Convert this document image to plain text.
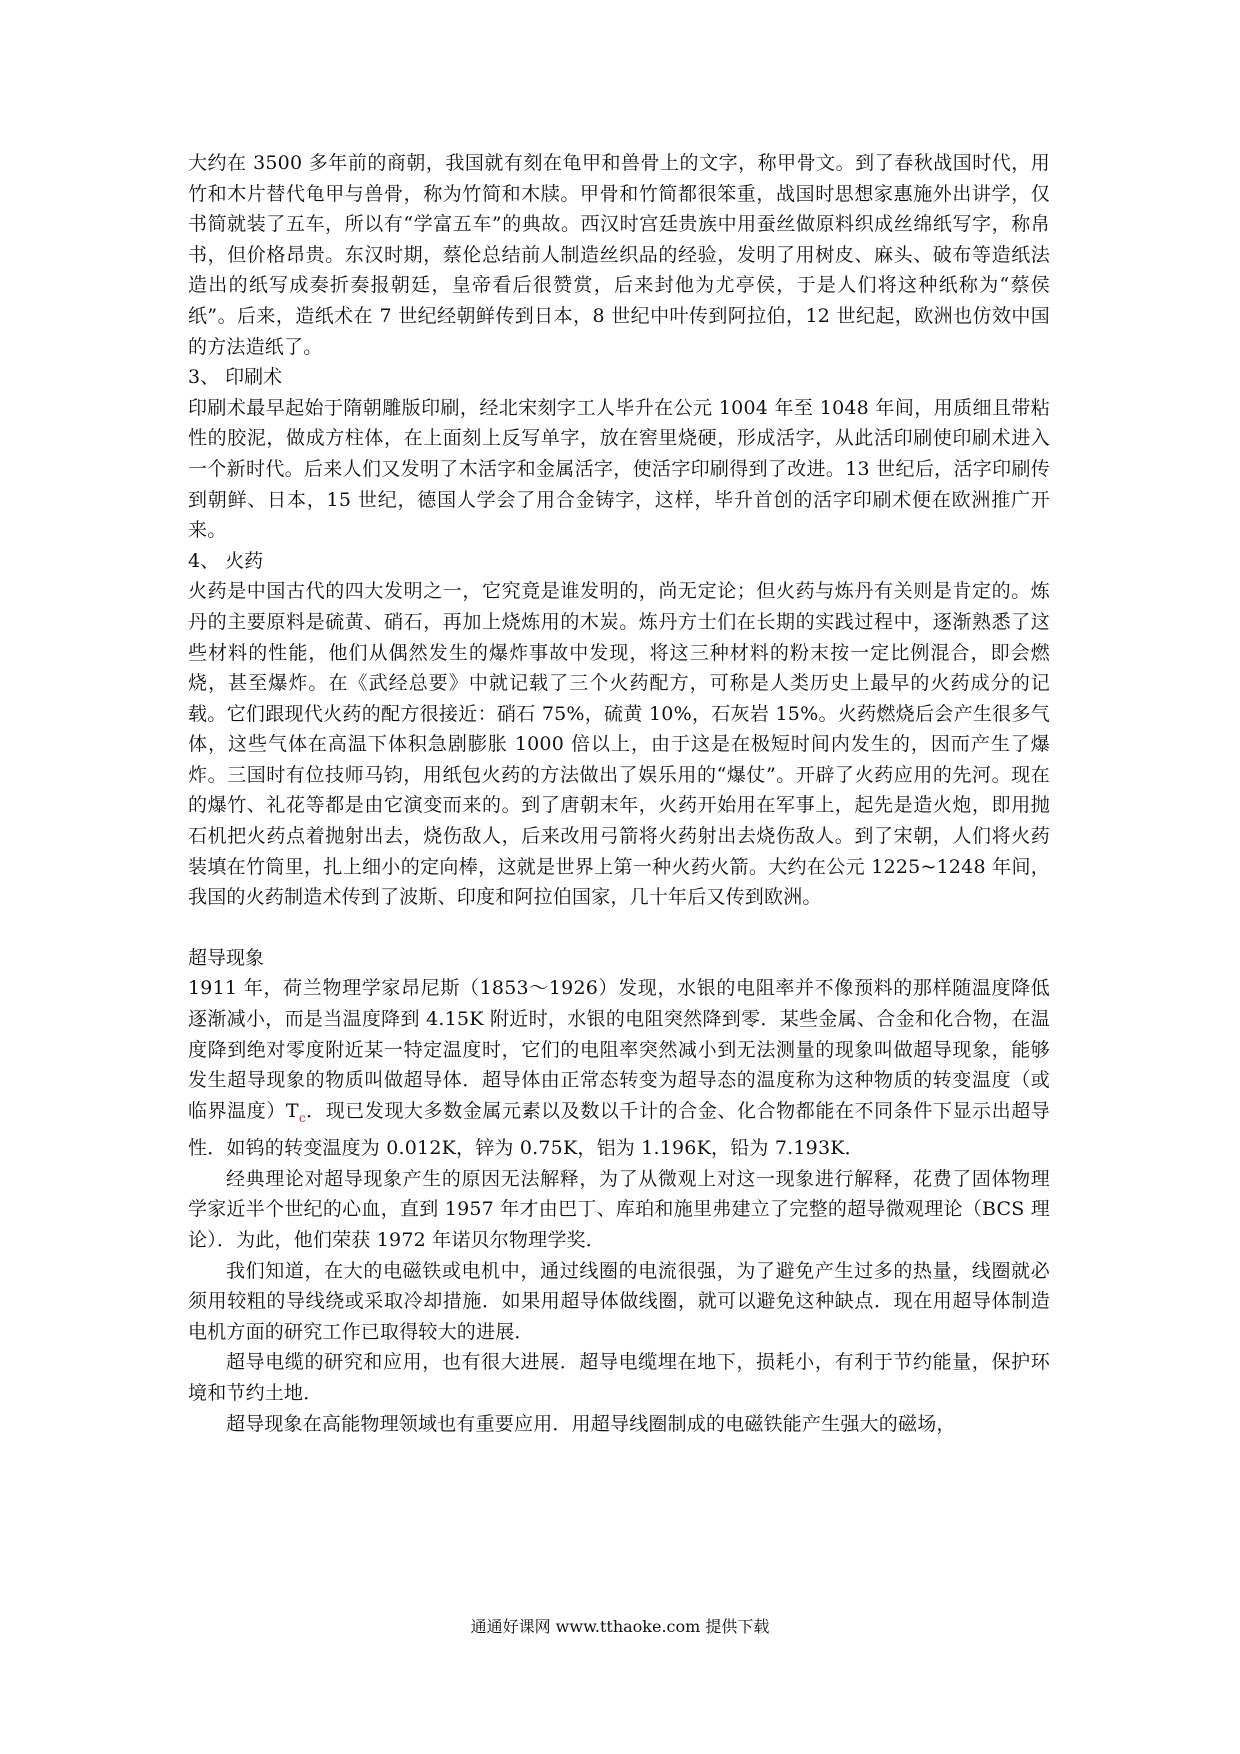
大约在 3500 多年前的商朝，我国就有刻在龟甲和兽骨上的文字，称甲骨文。到了春秋战国时代，用竹和木片替代龟甲与兽骨，称为竹简和木牍。甲骨和竹简都很笨重，战国时思想家惠施外出讲学，仅书简就装了五车，所以有“学富五车”的典故。西汉时宫廷贵族中用蚕丝做原料织成丝绵纸写字，称帛书，但价格昂贵。东汉时期，蔡伦总结前人制造丝织品的经验，发明了用树皮、麻头、破布等造纸法造出的纸写成奏折奏报朝廷，皇帝看后很赞赏，后来封他为尤亭侯，于是人们将这种纸称为“蔡侯纸”。后来，造纸术在 7 世纪经朝鲜传到日本，8 世纪中叶传到阿拉伯，12 世纪起，欧洲也仿效中国的方法造纸了。

3、 印刷术

印刷术最早起始于隋朝雕版印刷，经北宋刻字工人毕升在公元 1004 年至 1048 年间，用质细且带粘性的胶泥，做成方柱体，在上面刻上反写单字，放在窖里烧硬，形成活字，从此活印刷使印刷术进入一个新时代。后来人们又发明了木活字和金属活字，使活字印刷得到了改进。13 世纪后，活字印刷传到朝鲜、日本，15 世纪，德国人学会了用合金铸字，这样，毕升首创的活字印刷术便在欧洲推广开来。

4、 火药

火药是中国古代的四大发明之一，它究竟是谁发明的，尚无定论；但火药与炼丹有关则是肯定的。炼丹的主要原料是硫黄、硝石，再加上烧炼用的木炭。炼丹方士们在长期的实践过程中，逐渐熟悉了这些材料的性能，他们从偶然发生的爆炸事故中发现，将这三种材料的粉末按一定比例混合，即会燃烧，甚至爆炸。在《武经总要》中就记载了三个火药配方，可称是人类历史上最早的火药成分的记载。它们跟现代火药的配方很接近：硝石 75%，硫黄 10%，石灰岩 15%。火药燃烧后会产生很多气体，这些气体在高温下体积急剧膨胀 1000 倍以上，由于这是在极短时间内发生的，因而产生了爆炸。三国时有位技师马钧，用纸包火药的方法做出了娱乐用的“爆仗”。开辟了火药应用的先河。现在的爆竹、礼花等都是由它演变而来的。到了唐朝末年，火药开始用在军事上，起先是造火炮，即用抛石机把火药点着抛射出去，烧伤敌人，后来改用弓箭将火药射出去烧伤敌人。到了宋朝，人们将火药装填在竹筒里，扎上细小的定向棒，这就是世界上第一种火药火箭。大约在公元 1225~1248 年间，我国的火药制造术传到了波斯、印度和阿拉伯国家，几十年后又传到欧洲。

超导现象

1911 年，荷兰物理学家昂尼斯（1853～1926）发现，水银的电阻率并不像预料的那样随温度降低逐渐减小，而是当温度降到 4.15K 附近时，水银的电阻突然降到零．某些金属、合金和化合物，在温度降到绝对零度附近某一特定温度时，它们的电阻率突然减小到无法测量的现象叫做超导现象，能够发生超导现象的物质叫做超导体．超导体由正常态转变为超导态的温度称为这种物质的转变温度（或临界温度）$T_c$．现已发现大多数金属元素以及数以千计的合金、化合物都能在不同条件下显示出超导性．如钨的转变温度为 0.012K，锌为 0.75K，铝为 1.196K，铅为 7.193K．

经典理论对超导现象产生的原因无法解释，为了从微观上对这一现象进行解释，花费了固体物理学家近半个世纪的心血，直到 1957 年才由巴丁、库珀和施里弗建立了完整的超导微观理论（BCS 理论）．为此，他们荣获 1972 年诺贝尔物理学奖．

我们知道，在大的电磁铁或电机中，通过线圈的电流很强，为了避免产生过多的热量，线圈就必须用较粗的导线绕或采取冷却措施．如果用超导体做线圈，就可以避免这种缺点．现在用超导体制造电机方面的研究工作已取得较大的进展．

超导电缆的研究和应用，也有很大进展．超导电缆埋在地下，损耗小，有利于节约能量，保护环境和节约土地．

超导现象在高能物理领域也有重要应用．用超导线圈制成的电磁铁能产生强大的磁场，

通通好课网 www.tthaoke.com 提供下载
